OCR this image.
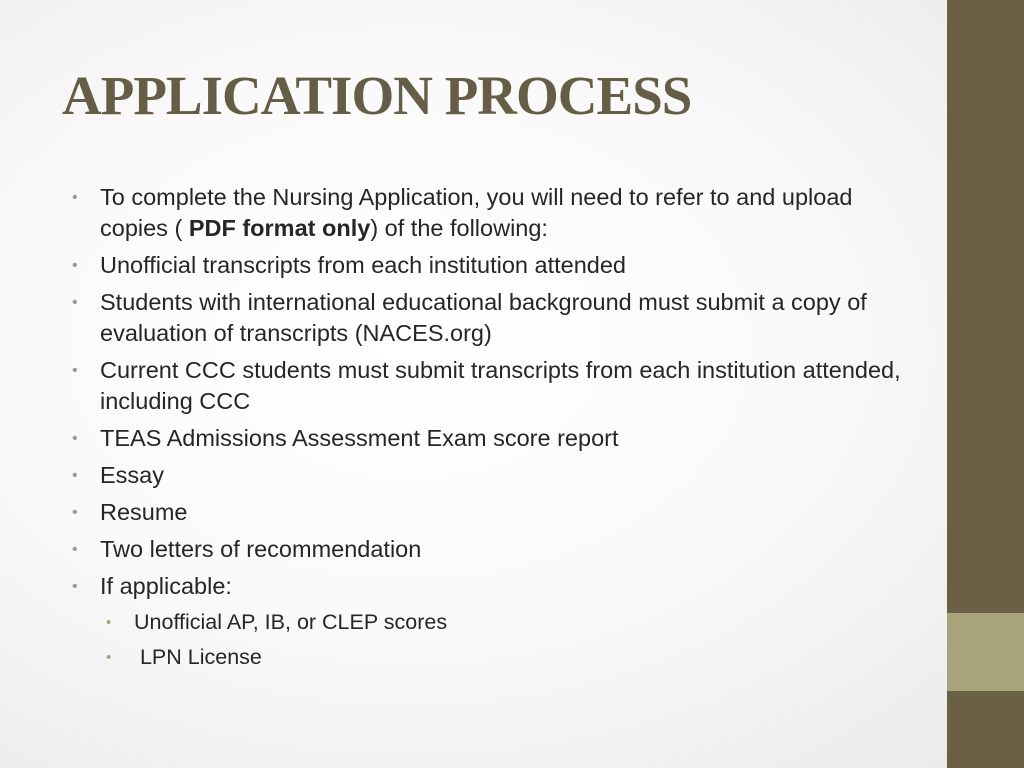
APPLICATION PROCESS
• To complete the Nursing Application, you will need to refer to and upload copies ( PDF format only) of the following:
• Unofficial transcripts from each institution attended
• Students with international educational background must submit a copy of evaluation of transcripts (NACES.org)
• Current CCC students must submit transcripts from each institution attended, including CCC
• TEAS Admissions Assessment Exam score report
• Essay
• Resume
• Two letters of recommendation
• If applicable:
• Unofficial AP, IB, or CLEP scores
• LPN License
